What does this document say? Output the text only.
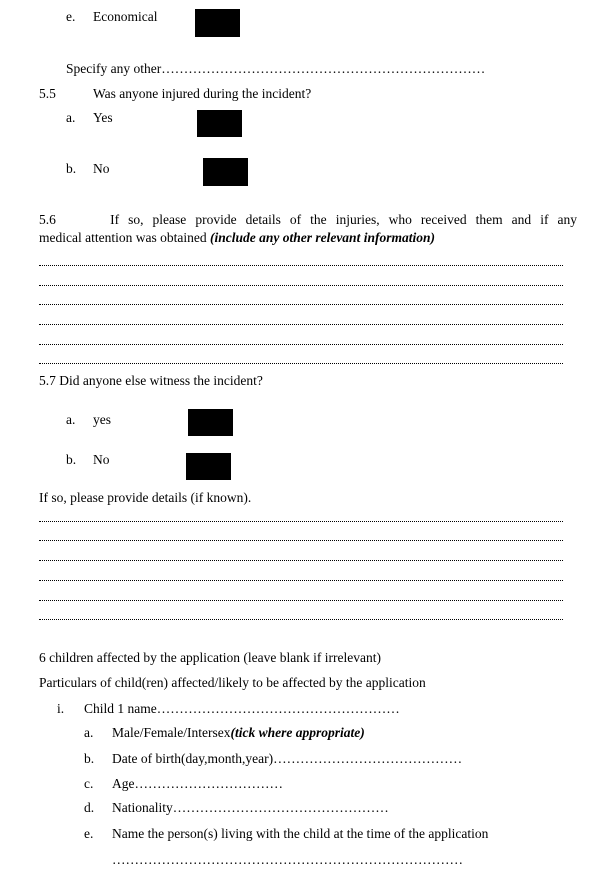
e. Economical
Specify any other………………………………………………………………
5.5	Was anyone injured during the incident?
a. Yes
b. No
5.6      If so, please provide details of the injuries, who received them and if any
medical attention was obtained (include any other relevant information)
5.7 Did anyone else witness the incident?
a. yes
b. No
If so, please provide details (if known).
6 children affected by the application (leave blank if irrelevant)
Particulars of child(ren) affected/likely to be affected by the application
i. Child 1 name………………………………………………
a. Male/Female/Intersex(tick where appropriate)
b. Date of birth(day,month,year)……………………………………
c. Age……………………………
d. Nationality…………………………………………
e. Name the person(s) living with the child at the time of the application
……………………………………………………………………
